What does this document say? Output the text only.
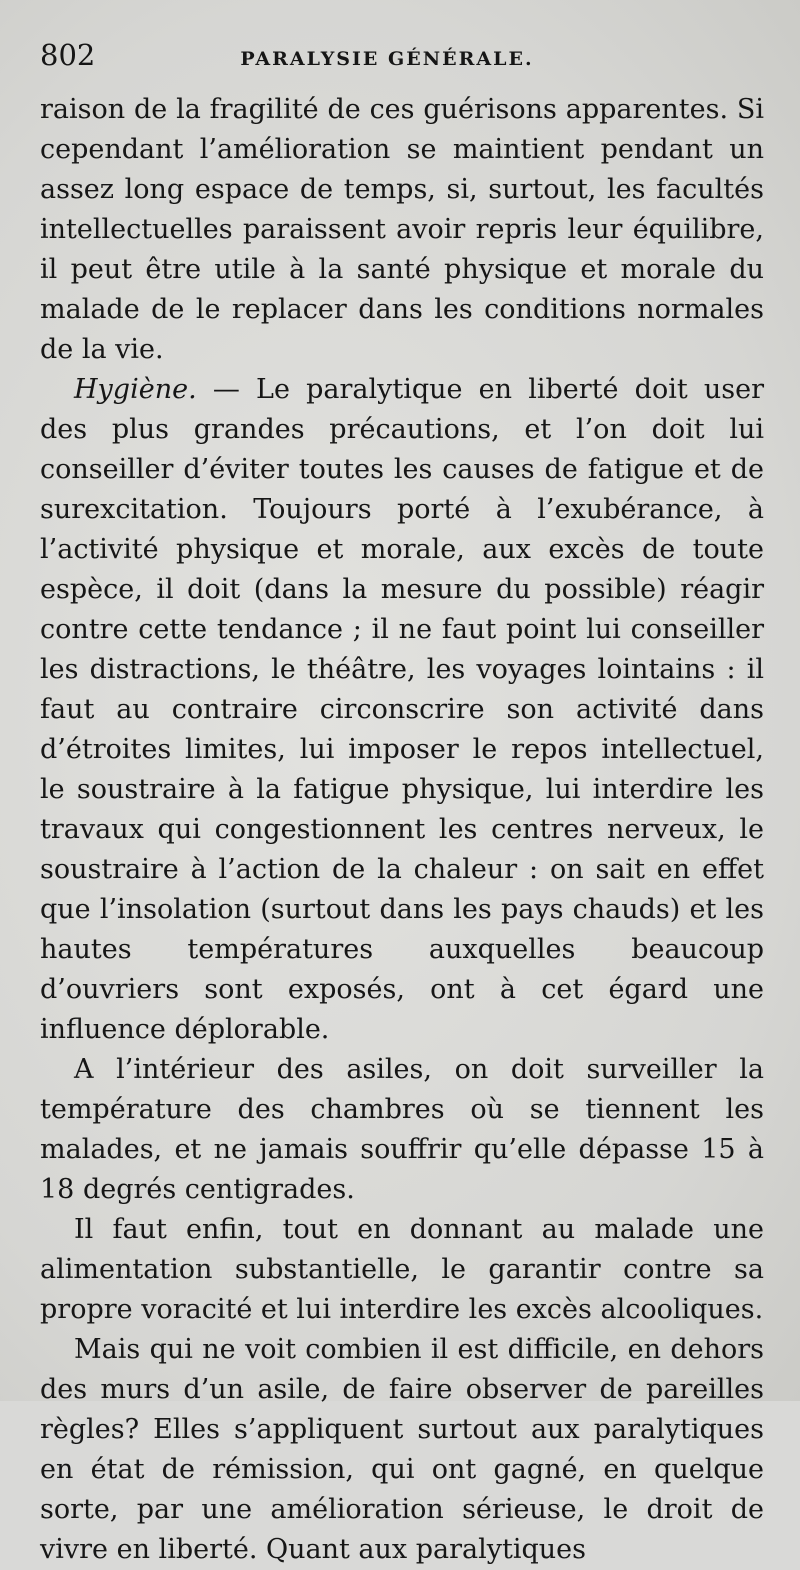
802	PARALYSIE GÉNÉRALE.

raison de la fragilité de ces guérisons apparentes. Si cependant l’amélioration se maintient pendant un assez long espace de temps, si, surtout, les facultés intellectuelles paraissent avoir repris leur équilibre, il peut être utile à la santé physique et morale du malade de le replacer dans les conditions normales de la vie.

Hygiène. — Le paralytique en liberté doit user des plus grandes précautions, et l’on doit lui conseiller d’éviter toutes les causes de fatigue et de surexcitation. Toujours porté à l’exubérance, à l’activité physique et morale, aux excès de toute espèce, il doit (dans la mesure du possible) réagir contre cette tendance ; il ne faut point lui conseiller les distractions, le théâtre, les voyages lointains : il faut au contraire circonscrire son activité dans d’étroites limites, lui imposer le repos intellectuel, le soustraire à la fatigue physique, lui interdire les travaux qui congestionnent les centres nerveux, le soustraire à l’action de la chaleur : on sait en effet que l’insolation (surtout dans les pays chauds) et les hautes températures auxquelles beaucoup d’ouvriers sont exposés, ont à cet égard une influence déplorable.

A l’intérieur des asiles, on doit surveiller la température des chambres où se tiennent les malades, et ne jamais souffrir qu’elle dépasse 15 à 18 degrés centigrades.

Il faut enfin, tout en donnant au malade une alimentation substantielle, le garantir contre sa propre voracité et lui interdire les excès alcooliques.

Mais qui ne voit combien il est difficile, en dehors des murs d’un asile, de faire observer de pareilles règles? Elles s’appliquent surtout aux paralytiques en état de rémission, qui ont gagné, en quelque sorte, par une amélioration sérieuse, le droit de vivre en liberté. Quant aux paralytiques
